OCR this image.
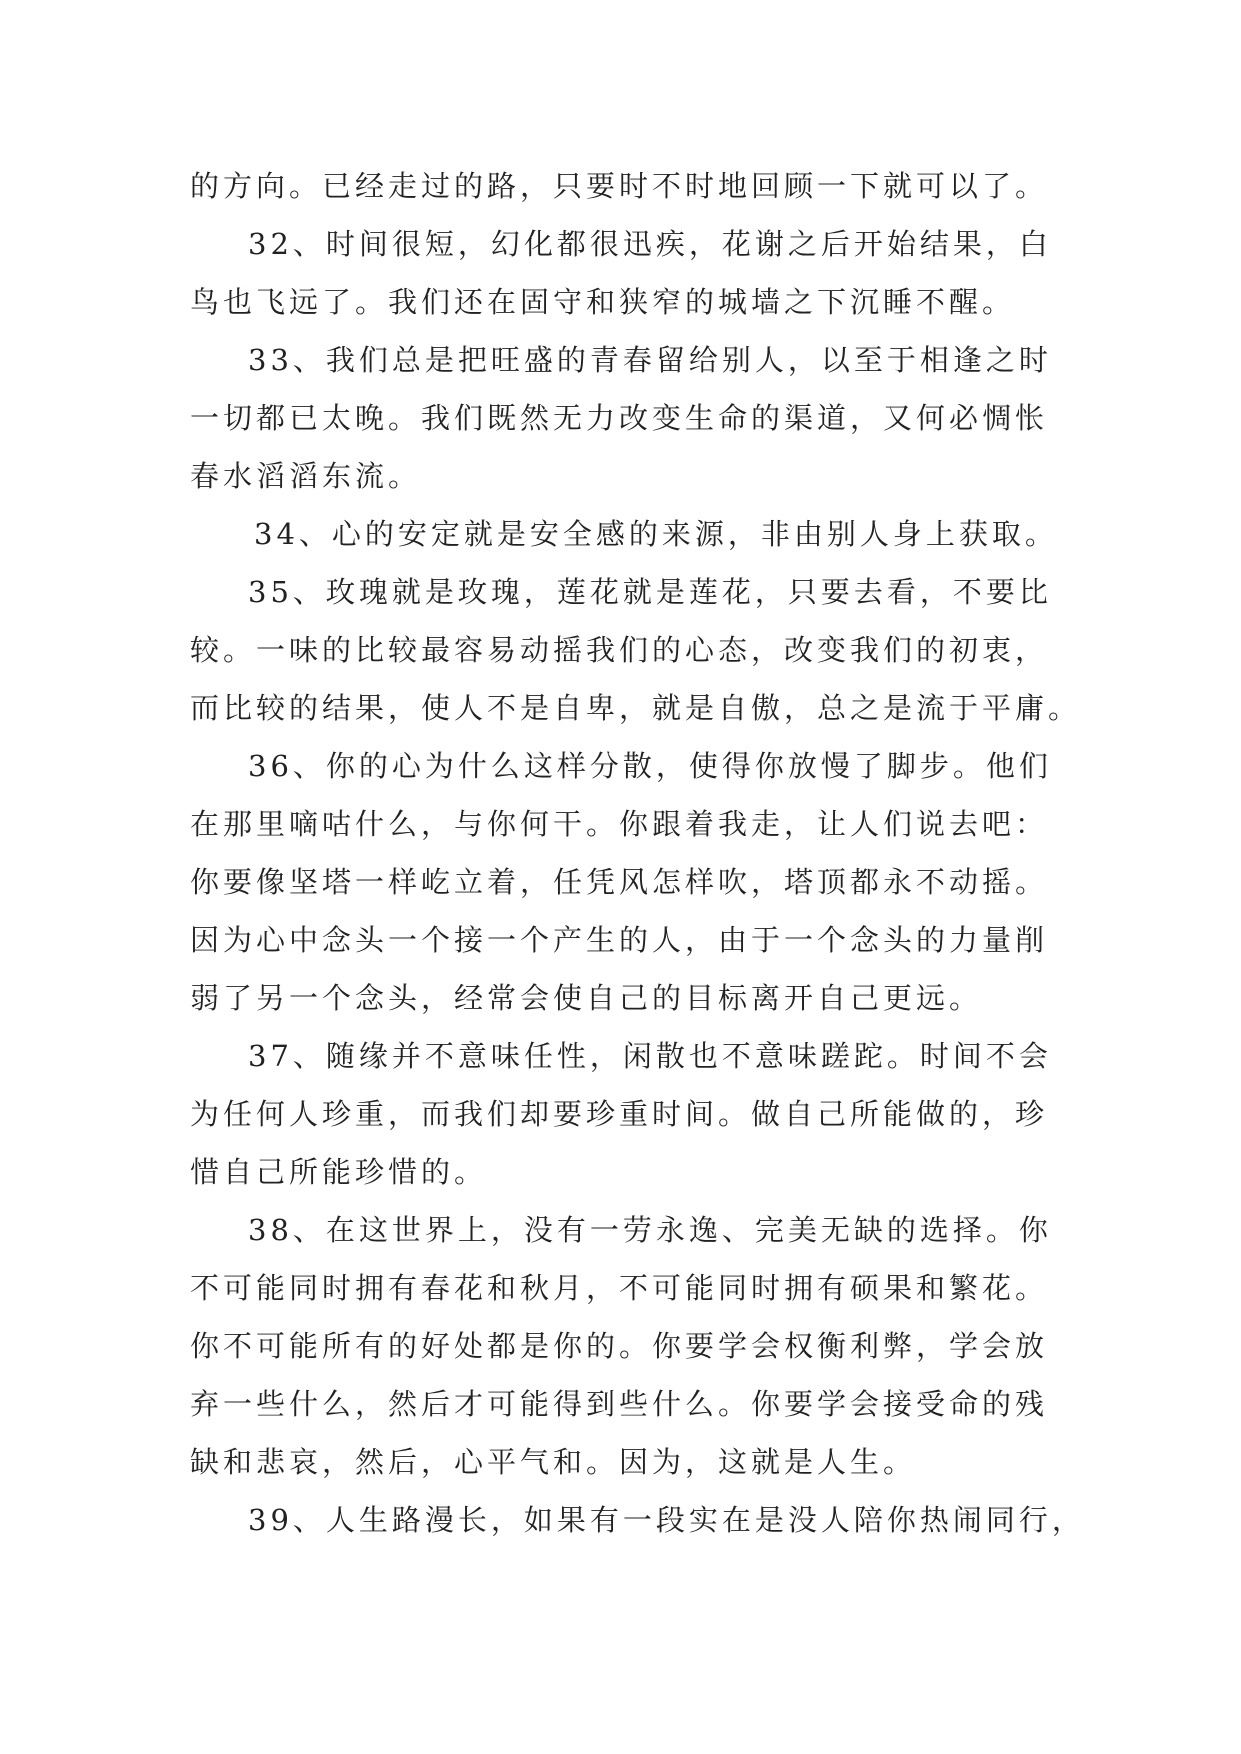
的方向。已经走过的路，只要时不时地回顾一下就可以了。
32、时间很短，幻化都很迅疾，花谢之后开始结果，白
鸟也飞远了。我们还在固守和狭窄的城墙之下沉睡不醒。
33、我们总是把旺盛的青春留给别人，以至于相逢之时
一切都已太晚。我们既然无力改变生命的渠道，又何必惆怅
春水滔滔东流。
34、心的安定就是安全感的来源，非由别人身上获取。
35、玫瑰就是玫瑰，莲花就是莲花，只要去看，不要比
较。一味的比较最容易动摇我们的心态，改变我们的初衷，
而比较的结果，使人不是自卑，就是自傲，总之是流于平庸。
36、你的心为什么这样分散，使得你放慢了脚步。他们
在那里嘀咕什么，与你何干。你跟着我走，让人们说去吧：
你要像坚塔一样屹立着，任凭风怎样吹，塔顶都永不动摇。
因为心中念头一个接一个产生的人，由于一个念头的力量削
弱了另一个念头，经常会使自己的目标离开自己更远。
37、随缘并不意味任性，闲散也不意味蹉跎。时间不会
为任何人珍重，而我们却要珍重时间。做自己所能做的，珍
惜自己所能珍惜的。
38、在这世界上，没有一劳永逸、完美无缺的选择。你
不可能同时拥有春花和秋月，不可能同时拥有硕果和繁花。
你不可能所有的好处都是你的。你要学会权衡利弊，学会放
弃一些什么，然后才可能得到些什么。你要学会接受命的残
缺和悲哀，然后，心平气和。因为，这就是人生。
39、人生路漫长，如果有一段实在是没人陪你热闹同行，
